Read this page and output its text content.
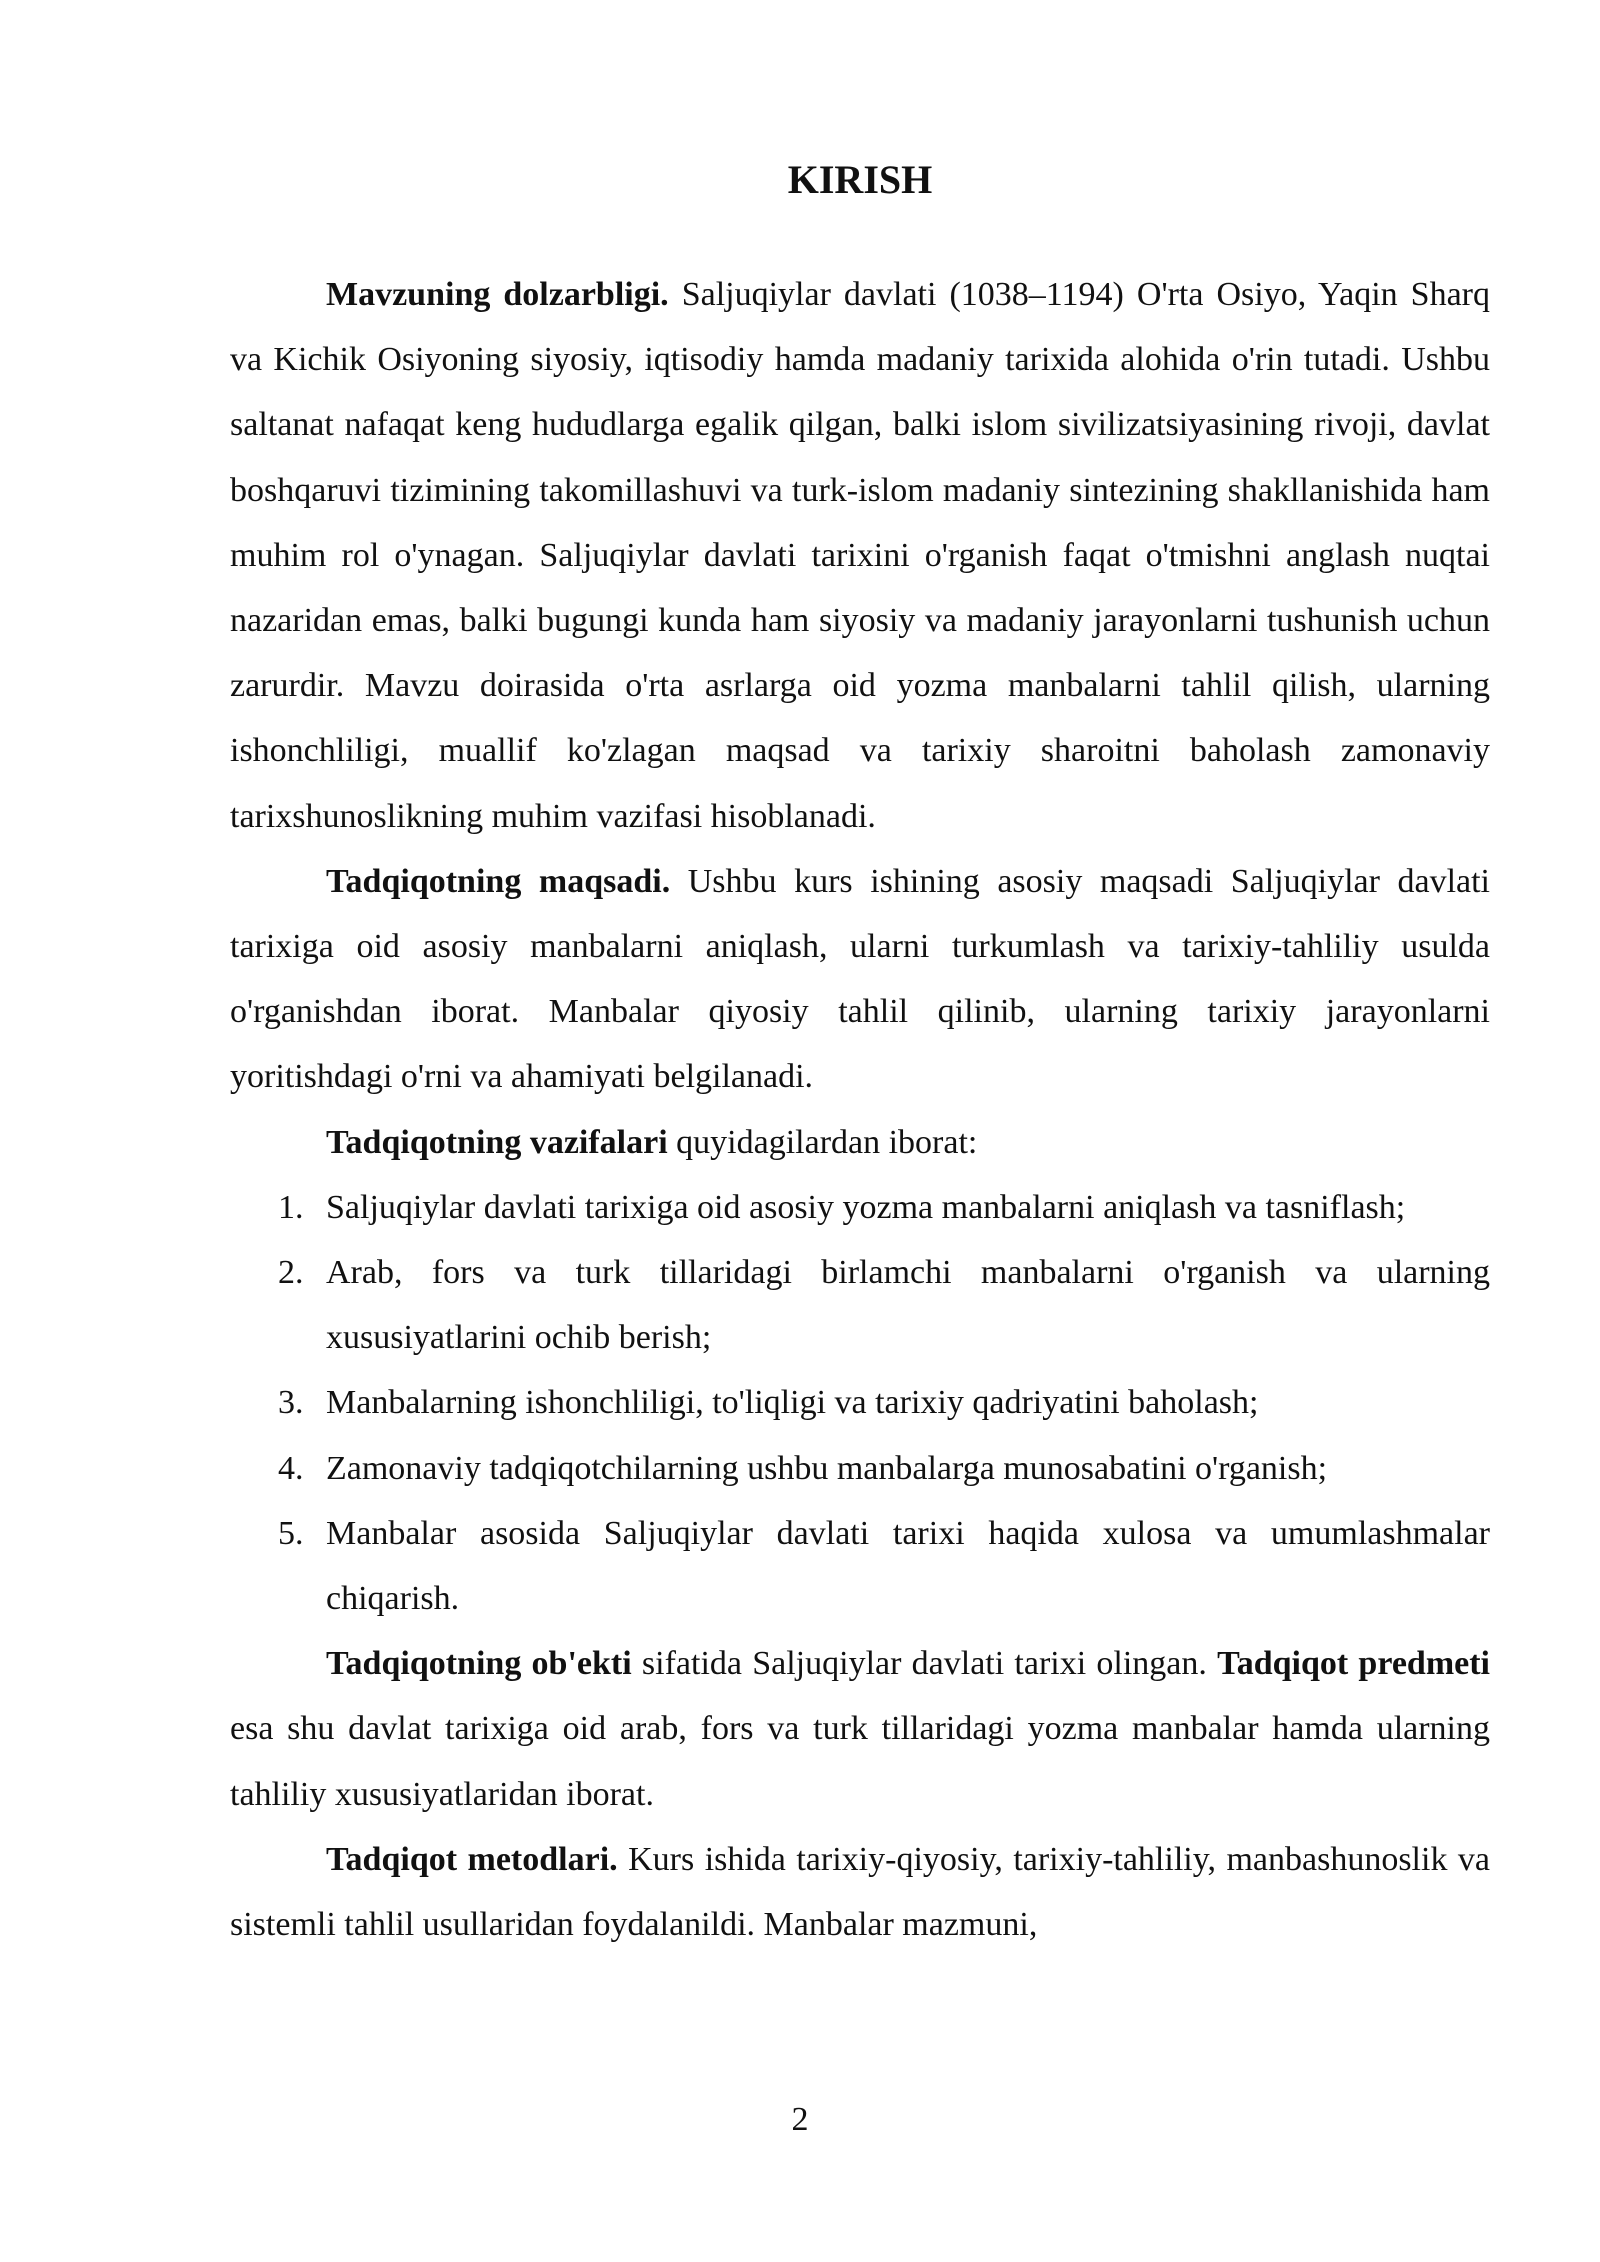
KIRISH

Mavzuning dolzarbligi. Saljuqiylar davlati (1038–1194) O'rta Osiyo, Yaqin Sharq va Kichik Osiyoning siyosiy, iqtisodiy hamda madaniy tarixida alohida o'rin tutadi. Ushbu saltanat nafaqat keng hududlarga egalik qilgan, balki islom sivilizatsiyasining rivoji, davlat boshqaruvi tizimining takomillashuvi va turk-islom madaniy sintezining shakllanishida ham muhim rol o'ynagan. Saljuqiylar davlati tarixini o'rganish faqat o'tmishni anglash nuqtai nazaridan emas, balki bugungi kunda ham siyosiy va madaniy jarayonlarni tushunish uchun zarurdir. Mavzu doirasida o'rta asrlarga oid yozma manbalarni tahlil qilish, ularning ishonchliligi, muallif ko'zlagan maqsad va tarixiy sharoitni baholash zamonaviy tarixshunoslikning muhim vazifasi hisoblanadi.

Tadqiqotning maqsadi. Ushbu kurs ishining asosiy maqsadi Saljuqiylar davlati tarixiga oid asosiy manbalarni aniqlash, ularni turkumlash va tarixiy-tahliliy usulda o'rganishdan iborat. Manbalar qiyosiy tahlil qilinib, ularning tarixiy jarayonlarni yoritishdagi o'rni va ahamiyati belgilanadi.

Tadqiqotning vazifalari quyidagilardan iborat:

1. Saljuqiylar davlati tarixiga oid asosiy yozma manbalarni aniqlash va tasniflash;
2. Arab, fors va turk tillaridagi birlamchi manbalarni o'rganish va ularning xususiyatlarini ochib berish;
3. Manbalarning ishonchliligi, to'liqligi va tarixiy qadriyatini baholash;
4. Zamonaviy tadqiqotchilarning ushbu manbalarga munosabatini o'rganish;
5. Manbalar asosida Saljuqiylar davlati tarixi haqida xulosa va umumlashmalar chiqarish.

Tadqiqotning ob'ekti sifatida Saljuqiylar davlati tarixi olingan. Tadqiqot predmeti esa shu davlat tarixiga oid arab, fors va turk tillaridagi yozma manbalar hamda ularning tahliliy xususiyatlaridan iborat.

Tadqiqot metodlari. Kurs ishida tarixiy-qiyosiy, tarixiy-tahliliy, manbashunoslik va sistemli tahlil usullaridan foydalanildi. Manbalar mazmuni,

2
